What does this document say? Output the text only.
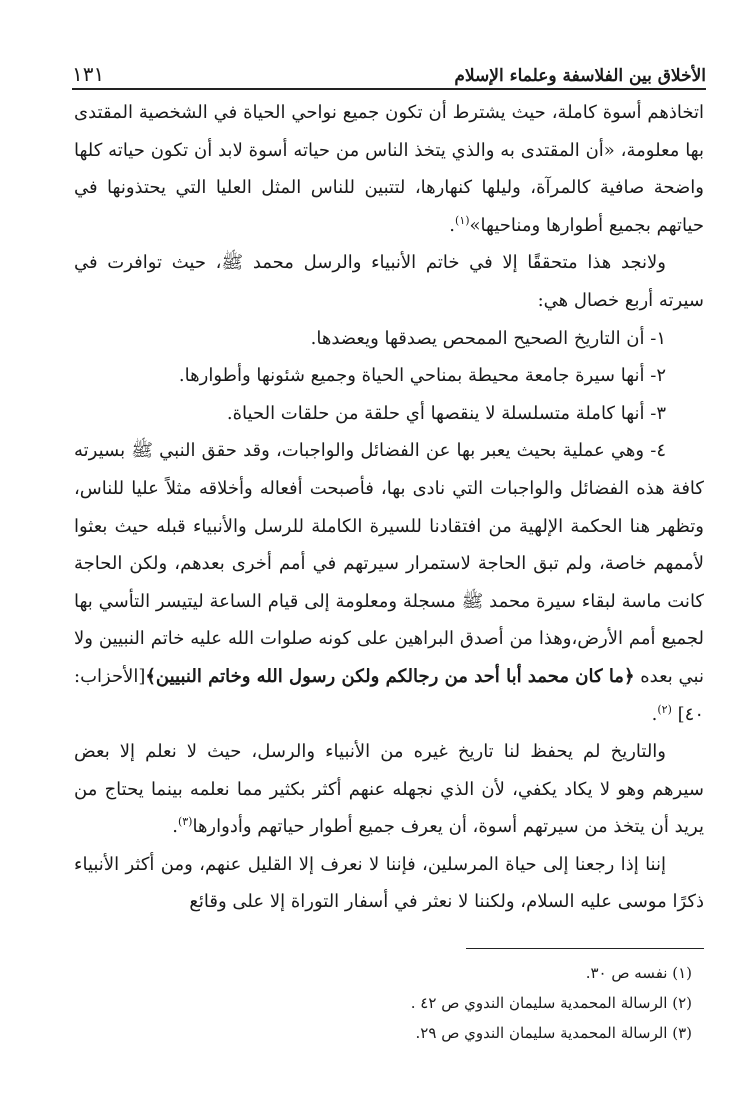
الأخلاق بين الفلاسفة وعلماء الإسلام
١٣١

اتخاذهم أسوة كاملة، حيث يشترط أن تكون جميع نواحي الحياة في الشخصية المقتدى بها معلومة، «أن المقتدى به والذي يتخذ الناس من حياته أسوة لابد أن تكون حياته كلها واضحة صافية كالمرآة، وليلها كنهارها، لتتبين للناس المثل العليا التي يحتذونها في حياتهم بجميع أطوارها ومناحيها»$^{(١)}$.

ولانجد هذا متحققًا إلا في خاتم الأنبياء والرسل محمد ﷺ، حيث توافرت في سيرته أربع خصال هي:

١- أن التاريخ الصحيح الممحص يصدقها ويعضدها.

٢- أنها سيرة جامعة محيطة بمناحي الحياة وجميع شئونها وأطوارها.

٣- أنها كاملة متسلسلة لا ينقصها أي حلقة من حلقات الحياة.

٤- وهي عملية بحيث يعبر بها عن الفضائل والواجبات، وقد حقق النبي ﷺ بسيرته كافة هذه الفضائل والواجبات التي نادى بها، فأصبحت أفعاله وأخلاقه مثلاً عليا للناس، وتظهر هنا الحكمة الإلهية من افتقادنا للسيرة الكاملة للرسل والأنبياء قبله حيث بعثوا لأممهم خاصة، ولم تبق الحاجة لاستمرار سيرتهم في أمم أخرى بعدهم، ولكن الحاجة كانت ماسة لبقاء سيرة محمد ﷺ مسجلة ومعلومة إلى قيام الساعة ليتيسر التأسي بها لجميع أمم الأرض،وهذا من أصدق البراهين على كونه صلوات الله عليه خاتم النبيين ولا نبي بعده ﴿ما كان محمد أبا أحد من رجالكم ولكن رسول الله وخاتم النبيين﴾[الأحزاب: ٤٠] $^{(٢)}$.

والتاريخ لم يحفظ لنا تاريخ غيره من الأنبياء والرسل، حيث لا نعلم إلا بعض سيرهم وهو لا يكاد يكفي، لأن الذي نجهله عنهم أكثر بكثير مما نعلمه بينما يحتاج من يريد أن يتخذ من سيرتهم أسوة، أن يعرف جميع أطوار حياتهم وأدوارها$^{(٣)}$.

إننا إذا رجعنا إلى حياة المرسلين، فإننا لا نعرف إلا القليل عنهم، ومن أكثر الأنبياء ذكرًا موسى عليه السلام، ولكننا لا نعثر في أسفار التوراة إلا على وقائع

(١) نفسه ص ٣٠.

(٢) الرسالة المحمدية سليمان الندوي ص ٤٢ .

(٣) الرسالة المحمدية سليمان الندوي ص ٢٩.
